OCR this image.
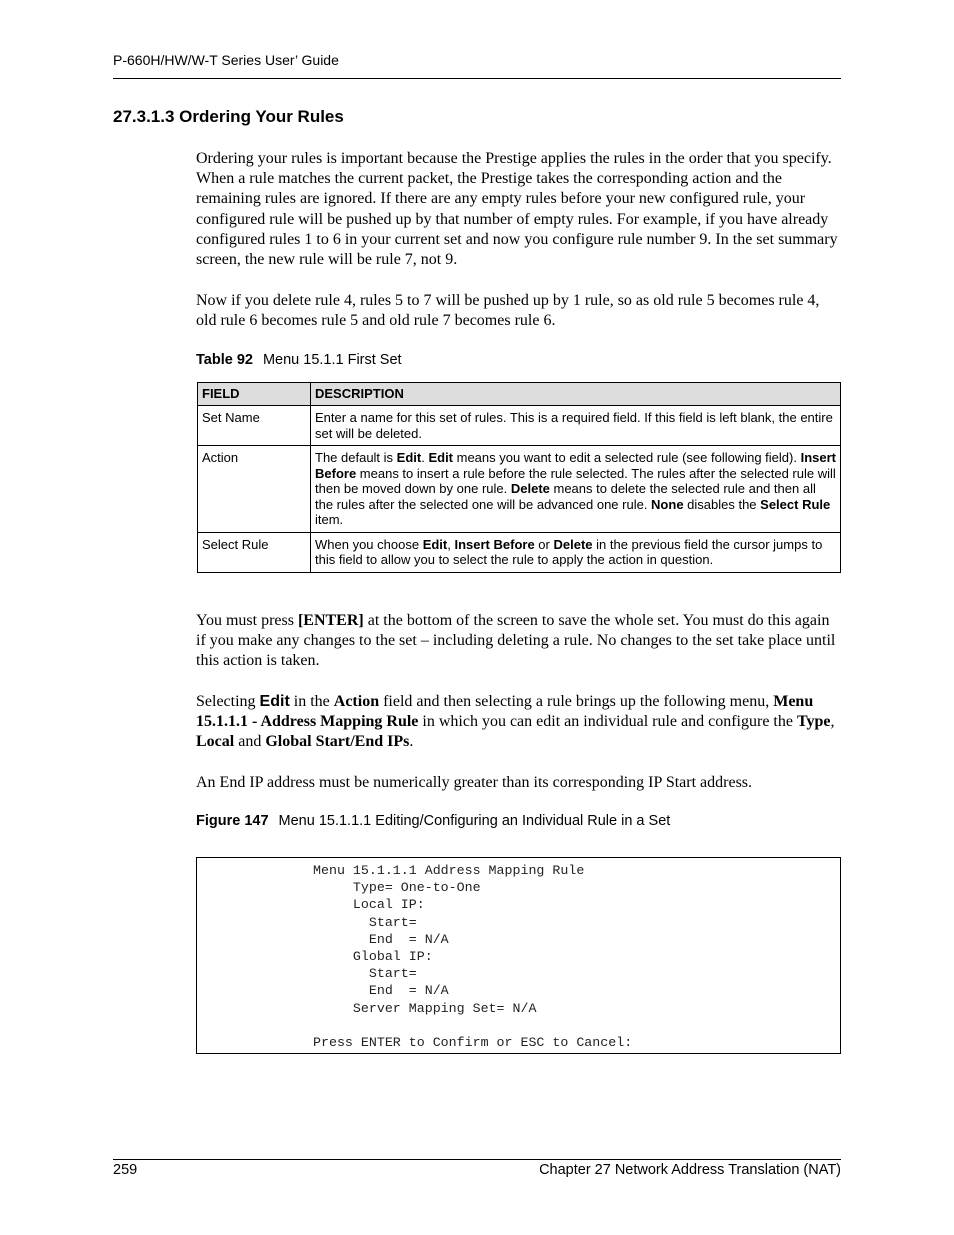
P-660H/HW/W-T Series User’ Guide
27.3.1.3 Ordering Your Rules

Ordering your rules is important because the Prestige applies the rules in the order that you specify. When a rule matches the current packet, the Prestige takes the corresponding action and the remaining rules are ignored. If there are any empty rules before your new configured rule, your configured rule will be pushed up by that number of empty rules. For example, if you have already configured rules 1 to 6 in your current set and now you configure rule number 9. In the set summary screen, the new rule will be rule 7, not 9.

Now if you delete rule 4, rules 5 to 7 will be pushed up by 1 rule, so as old rule 5 becomes rule 4, old rule 6 becomes rule 5 and old rule 7 becomes rule 6.

Table 92 Menu 15.1.1 First Set
FIELD	DESCRIPTION
Set Name	Enter a name for this set of rules. This is a required field. If this field is left blank, the entire set will be deleted.
Action	The default is Edit. Edit means you want to edit a selected rule (see following field). Insert Before means to insert a rule before the rule selected. The rules after the selected rule will then be moved down by one rule. Delete means to delete the selected rule and then all the rules after the selected one will be advanced one rule. None disables the Select Rule item.
Select Rule	When you choose Edit, Insert Before or Delete in the previous field the cursor jumps to this field to allow you to select the rule to apply the action in question.

You must press [ENTER] at the bottom of the screen to save the whole set. You must do this again if you make any changes to the set – including deleting a rule. No changes to the set take place until this action is taken.

Selecting Edit in the Action field and then selecting a rule brings up the following menu, Menu 15.1.1.1 - Address Mapping Rule in which you can edit an individual rule and configure the Type, Local and Global Start/End IPs.

An End IP address must be numerically greater than its corresponding IP Start address.

Figure 147 Menu 15.1.1.1 Editing/Configuring an Individual Rule in a Set
Menu 15.1.1.1 Address Mapping Rule
Type= One-to-One
Local IP:
Start=
End  = N/A
Global IP:
Start=
End  = N/A
Server Mapping Set= N/A

Press ENTER to Confirm or ESC to Cancel:
259	Chapter 27 Network Address Translation (NAT)
